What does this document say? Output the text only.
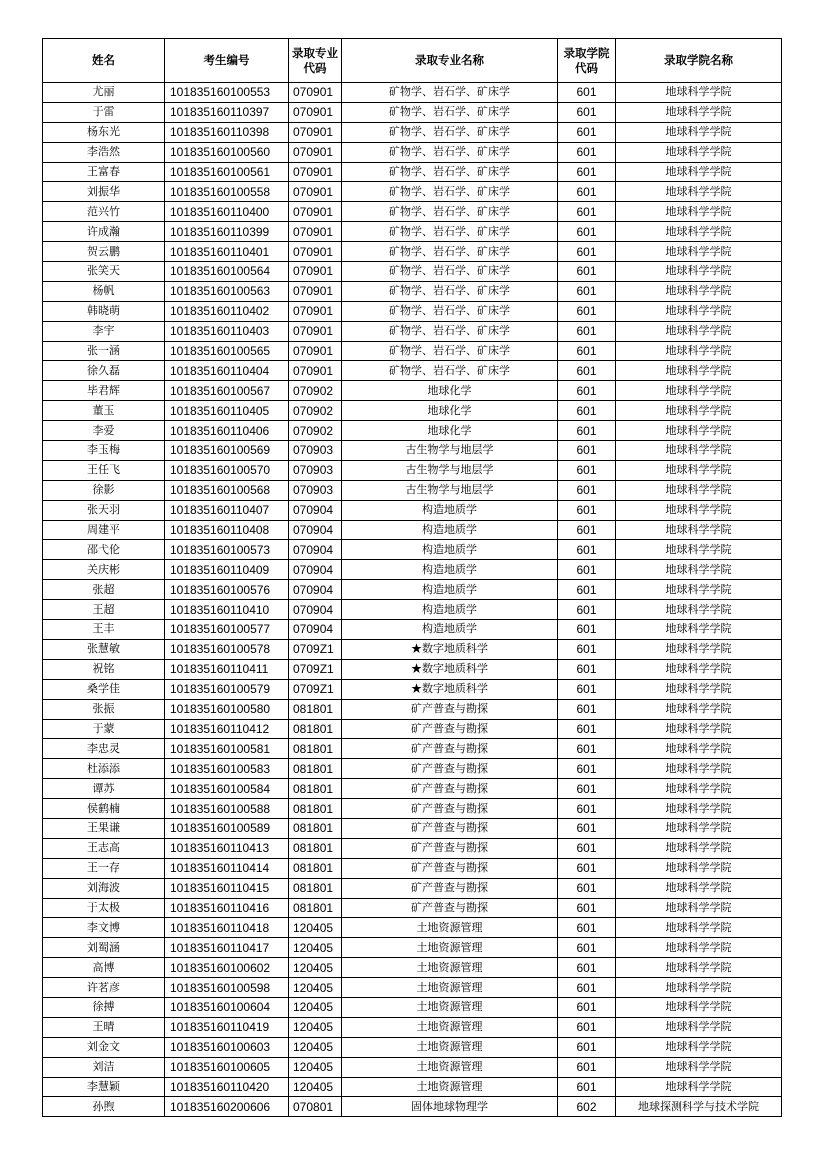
姓名	考生编号	录取专业代码	录取专业名称	录取学院代码	录取学院名称
尤丽	101835160100553	070901	矿物学、岩石学、矿床学	601	地球科学学院
于雷	101835160110397	070901	矿物学、岩石学、矿床学	601	地球科学学院
杨东光	101835160110398	070901	矿物学、岩石学、矿床学	601	地球科学学院
李浩然	101835160100560	070901	矿物学、岩石学、矿床学	601	地球科学学院
王富春	101835160100561	070901	矿物学、岩石学、矿床学	601	地球科学学院
刘振华	101835160100558	070901	矿物学、岩石学、矿床学	601	地球科学学院
范兴竹	101835160110400	070901	矿物学、岩石学、矿床学	601	地球科学学院
许成瀚	101835160110399	070901	矿物学、岩石学、矿床学	601	地球科学学院
贺云鹏	101835160110401	070901	矿物学、岩石学、矿床学	601	地球科学学院
张笑天	101835160100564	070901	矿物学、岩石学、矿床学	601	地球科学学院
杨帆	101835160100563	070901	矿物学、岩石学、矿床学	601	地球科学学院
韩晓萌	101835160110402	070901	矿物学、岩石学、矿床学	601	地球科学学院
李宇	101835160110403	070901	矿物学、岩石学、矿床学	601	地球科学学院
张一涵	101835160100565	070901	矿物学、岩石学、矿床学	601	地球科学学院
徐久磊	101835160110404	070901	矿物学、岩石学、矿床学	601	地球科学学院
毕君辉	101835160100567	070902	地球化学	601	地球科学学院
董玉	101835160110405	070902	地球化学	601	地球科学学院
李爱	101835160110406	070902	地球化学	601	地球科学学院
李玉梅	101835160100569	070903	古生物学与地层学	601	地球科学学院
王任飞	101835160100570	070903	古生物学与地层学	601	地球科学学院
徐影	101835160100568	070903	古生物学与地层学	601	地球科学学院
张天羽	101835160110407	070904	构造地质学	601	地球科学学院
周建平	101835160110408	070904	构造地质学	601	地球科学学院
邵弋伦	101835160100573	070904	构造地质学	601	地球科学学院
关庆彬	101835160110409	070904	构造地质学	601	地球科学学院
张超	101835160100576	070904	构造地质学	601	地球科学学院
王超	101835160110410	070904	构造地质学	601	地球科学学院
王丰	101835160100577	070904	构造地质学	601	地球科学学院
张慧敏	101835160100578	0709Z1	★数字地质科学	601	地球科学学院
祝铭	101835160110411	0709Z1	★数字地质科学	601	地球科学学院
桑学佳	101835160100579	0709Z1	★数字地质科学	601	地球科学学院
张振	101835160100580	081801	矿产普查与勘探	601	地球科学学院
于蒙	101835160110412	081801	矿产普查与勘探	601	地球科学学院
李忠灵	101835160100581	081801	矿产普查与勘探	601	地球科学学院
杜添添	101835160100583	081801	矿产普查与勘探	601	地球科学学院
谭苏	101835160100584	081801	矿产普查与勘探	601	地球科学学院
侯鹤楠	101835160100588	081801	矿产普查与勘探	601	地球科学学院
王果谦	101835160100589	081801	矿产普查与勘探	601	地球科学学院
王志高	101835160110413	081801	矿产普查与勘探	601	地球科学学院
王一存	101835160110414	081801	矿产普查与勘探	601	地球科学学院
刘海波	101835160110415	081801	矿产普查与勘探	601	地球科学学院
于太极	101835160110416	081801	矿产普查与勘探	601	地球科学学院
李文博	101835160110418	120405	土地资源管理	601	地球科学学院
刘蜀涵	101835160110417	120405	土地资源管理	601	地球科学学院
高博	101835160100602	120405	土地资源管理	601	地球科学学院
许茗彦	101835160100598	120405	土地资源管理	601	地球科学学院
徐搏	101835160100604	120405	土地资源管理	601	地球科学学院
王晴	101835160110419	120405	土地资源管理	601	地球科学学院
刘金文	101835160100603	120405	土地资源管理	601	地球科学学院
刘洁	101835160100605	120405	土地资源管理	601	地球科学学院
李慧颖	101835160110420	120405	土地资源管理	601	地球科学学院
孙煦	101835160200606	070801	固体地球物理学	602	地球探测科学与技术学院
